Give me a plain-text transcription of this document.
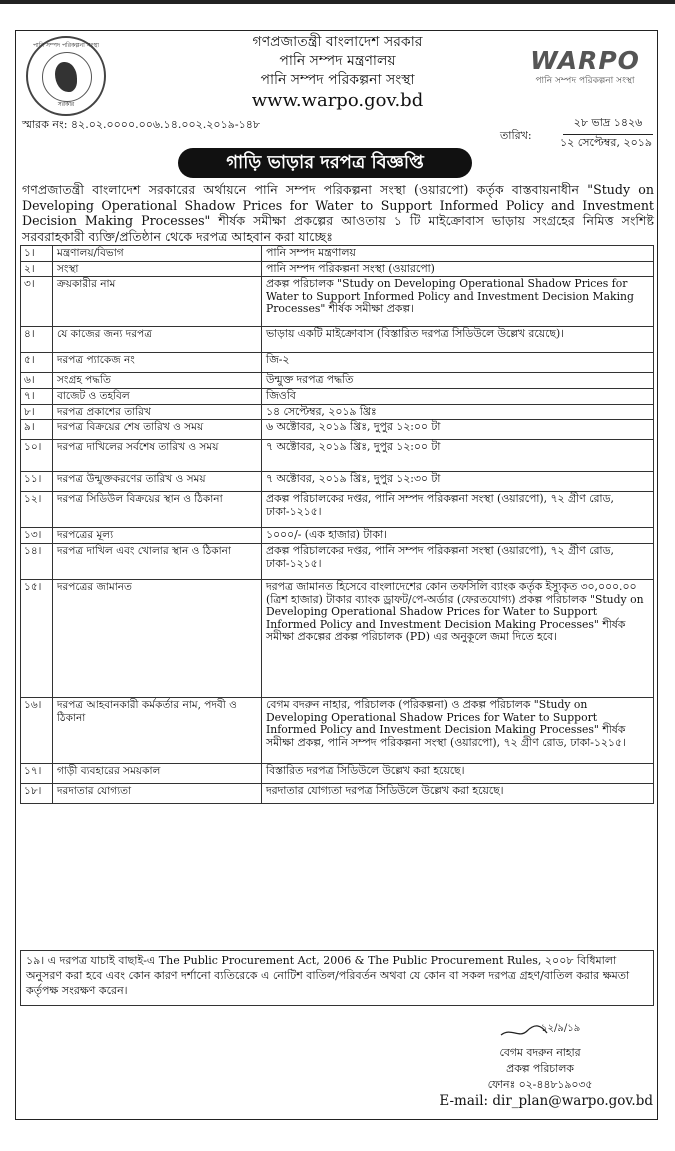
পানি সম্পদ পরিকল্পনা সংস্থা
সরকার
গণপ্রজাতন্ত্রী বাংলাদেশ সরকার
পানি সম্পদ মন্ত্রণালয়
পানি সম্পদ পরিকল্পনা সংস্থা
www.warpo.gov.bd
WARPO
পানি সম্পদ পরিকল্পনা সংস্থা
স্মারক নং: ৪২.০২.০০০০.০০৬.১৪.০০২.২০১৯-১৪৮
তারিখ:
২৮ ভাদ্র ১৪২৬
১২ সেপ্টেম্বর, ২০১৯
গাড়ি ভাড়ার দরপত্র বিজ্ঞপ্তি
গণপ্রজাতন্ত্রী বাংলাদেশ সরকারের অর্থায়নে পানি সম্পদ পরিকল্পনা সংস্থা (ওয়ারপো) কর্তৃক বাস্তবায়নাধীন "Study on Developing Operational Shadow Prices for Water to Support Informed Policy and Investment Decision Making Processes" শীর্ষক সমীক্ষা প্রকল্পের আওতায় ১ টি মাইক্রোবাস ভাড়ায় সংগ্রহের নিমিত্ত সংশিষ্ট সরবরাহকারী ব্যক্তি/প্রতিষ্ঠান থেকে দরপত্র আহবান করা যাচ্ছেঃ
১।	মন্ত্রণালয়/বিভাগ	পানি সম্পদ মন্ত্রণালয়
২।	সংস্থা	পানি সম্পদ পরিকল্পনা সংস্থা (ওয়ারপো)
৩।	ক্রয়কারীর নাম	প্রকল্প পরিচালক "Study on Developing Operational Shadow Prices for Water to Support Informed Policy and Investment Decision Making Processes" শীর্ষক সমীক্ষা প্রকল্প।
৪।	যে কাজের জন্য দরপত্র	ভাড়ায় একটি মাইক্রোবাস (বিস্তারিত দরপত্র সিডিউলে উল্লেখ রয়েছে)।
৫।	দরপত্র প্যাকেজ নং	জি-২
৬।	সংগ্রহ পদ্ধতি	উন্মুক্ত দরপত্র পদ্ধতি
৭।	বাজেট ও তহবিল	জিওবি
৮।	দরপত্র প্রকাশের তারিখ	১৪ সেপ্টেম্বর, ২০১৯ খ্রিঃ
৯।	দরপত্র বিক্রয়ের শেষ তারিখ ও সময়	৬ অক্টোবর, ২০১৯ খ্রিঃ, দুপুর ১২:০০ টা
১০।	দরপত্র দাখিলের সর্বশেষ তারিখ ও সময়	৭ অক্টোবর, ২০১৯ খ্রিঃ, দুপুর ১২:০০ টা
১১।	দরপত্র উন্মুক্তকরণের তারিখ ও সময়	৭ অক্টোবর, ২০১৯ খ্রিঃ, দুপুর ১২:৩০ টা
১২।	দরপত্র সিডিউল বিক্রয়ের স্থান ও ঠিকানা	প্রকল্প পরিচালকের দপ্তর, পানি সম্পদ পরিকল্পনা সংস্থা (ওয়ারপো), ৭২ গ্রীণ রোড, ঢাকা-১২১৫।
১৩।	দরপত্রের মূল্য	১০০০/- (এক হাজার) টাকা।
১৪।	দরপত্র দাখিল এবং খোলার স্থান ও ঠিকানা	প্রকল্প পরিচালকের দপ্তর, পানি সম্পদ পরিকল্পনা সংস্থা (ওয়ারপো), ৭২ গ্রীণ রোড, ঢাকা-১২১৫।
১৫।	দরপত্রের জামানত	দরপত্র জামানত হিসেবে বাংলাদেশের কোন তফসিলি ব্যাংক কর্তৃক ইস্যুকৃত ৩০,০০০.০০ (ত্রিশ হাজার) টাকার ব্যাংক ড্রাফট/পে-অর্ডার (ফেরতযোগ্য) প্রকল্প পরিচালক "Study on Developing Operational Shadow Prices for Water to Support Informed Policy and Investment Decision Making Processes" শীর্ষক সমীক্ষা প্রকল্পের প্রকল্প পরিচালক (PD) এর অনুকূলে জমা দিতে হবে।
১৬।	দরপত্র আহবানকারী কর্মকর্তার নাম, পদবী ও ঠিকানা	বেগম বদরুন নাহার, পরিচালক (পরিকল্পনা) ও প্রকল্প পরিচালক "Study on Developing Operational Shadow Prices for Water to Support Informed Policy and Investment Decision Making Processes" শীর্ষক সমীক্ষা প্রকল্প, পানি সম্পদ পরিকল্পনা সংস্থা (ওয়ারপো), ৭২ গ্রীণ রোড, ঢাকা-১২১৫।
১৭।	গাড়ী ব্যবহারের সময়কাল	বিস্তারিত দরপত্র সিডিউলে উল্লেখ করা হয়েছে।
১৮।	দরদাতার যোগ্যতা	দরদাতার যোগ্যতা দরপত্র সিডিউলে উল্লেখ করা হয়েছে।
১৯। এ দরপত্র যাচাই বাছাই-এ The Public Procurement Act, 2006 & The Public Procurement Rules, ২০০৮ বিধিমালা অনুসরণ করা হবে এবং কোন কারণ দর্শানো ব্যতিরেকে এ নোটিশ বাতিল/পরিবর্তন অথবা যে কোন বা সকল দরপত্র গ্রহণ/বাতিল করার ক্ষমতা কর্তৃপক্ষ সংরক্ষণ করেন।
১২/৯/১৯
বেগম বদরুন নাহার
প্রকল্প পরিচালক
ফোনঃ ০২-৪৪৮১৯০৩৫
E-mail: dir_plan@warpo.gov.bd
